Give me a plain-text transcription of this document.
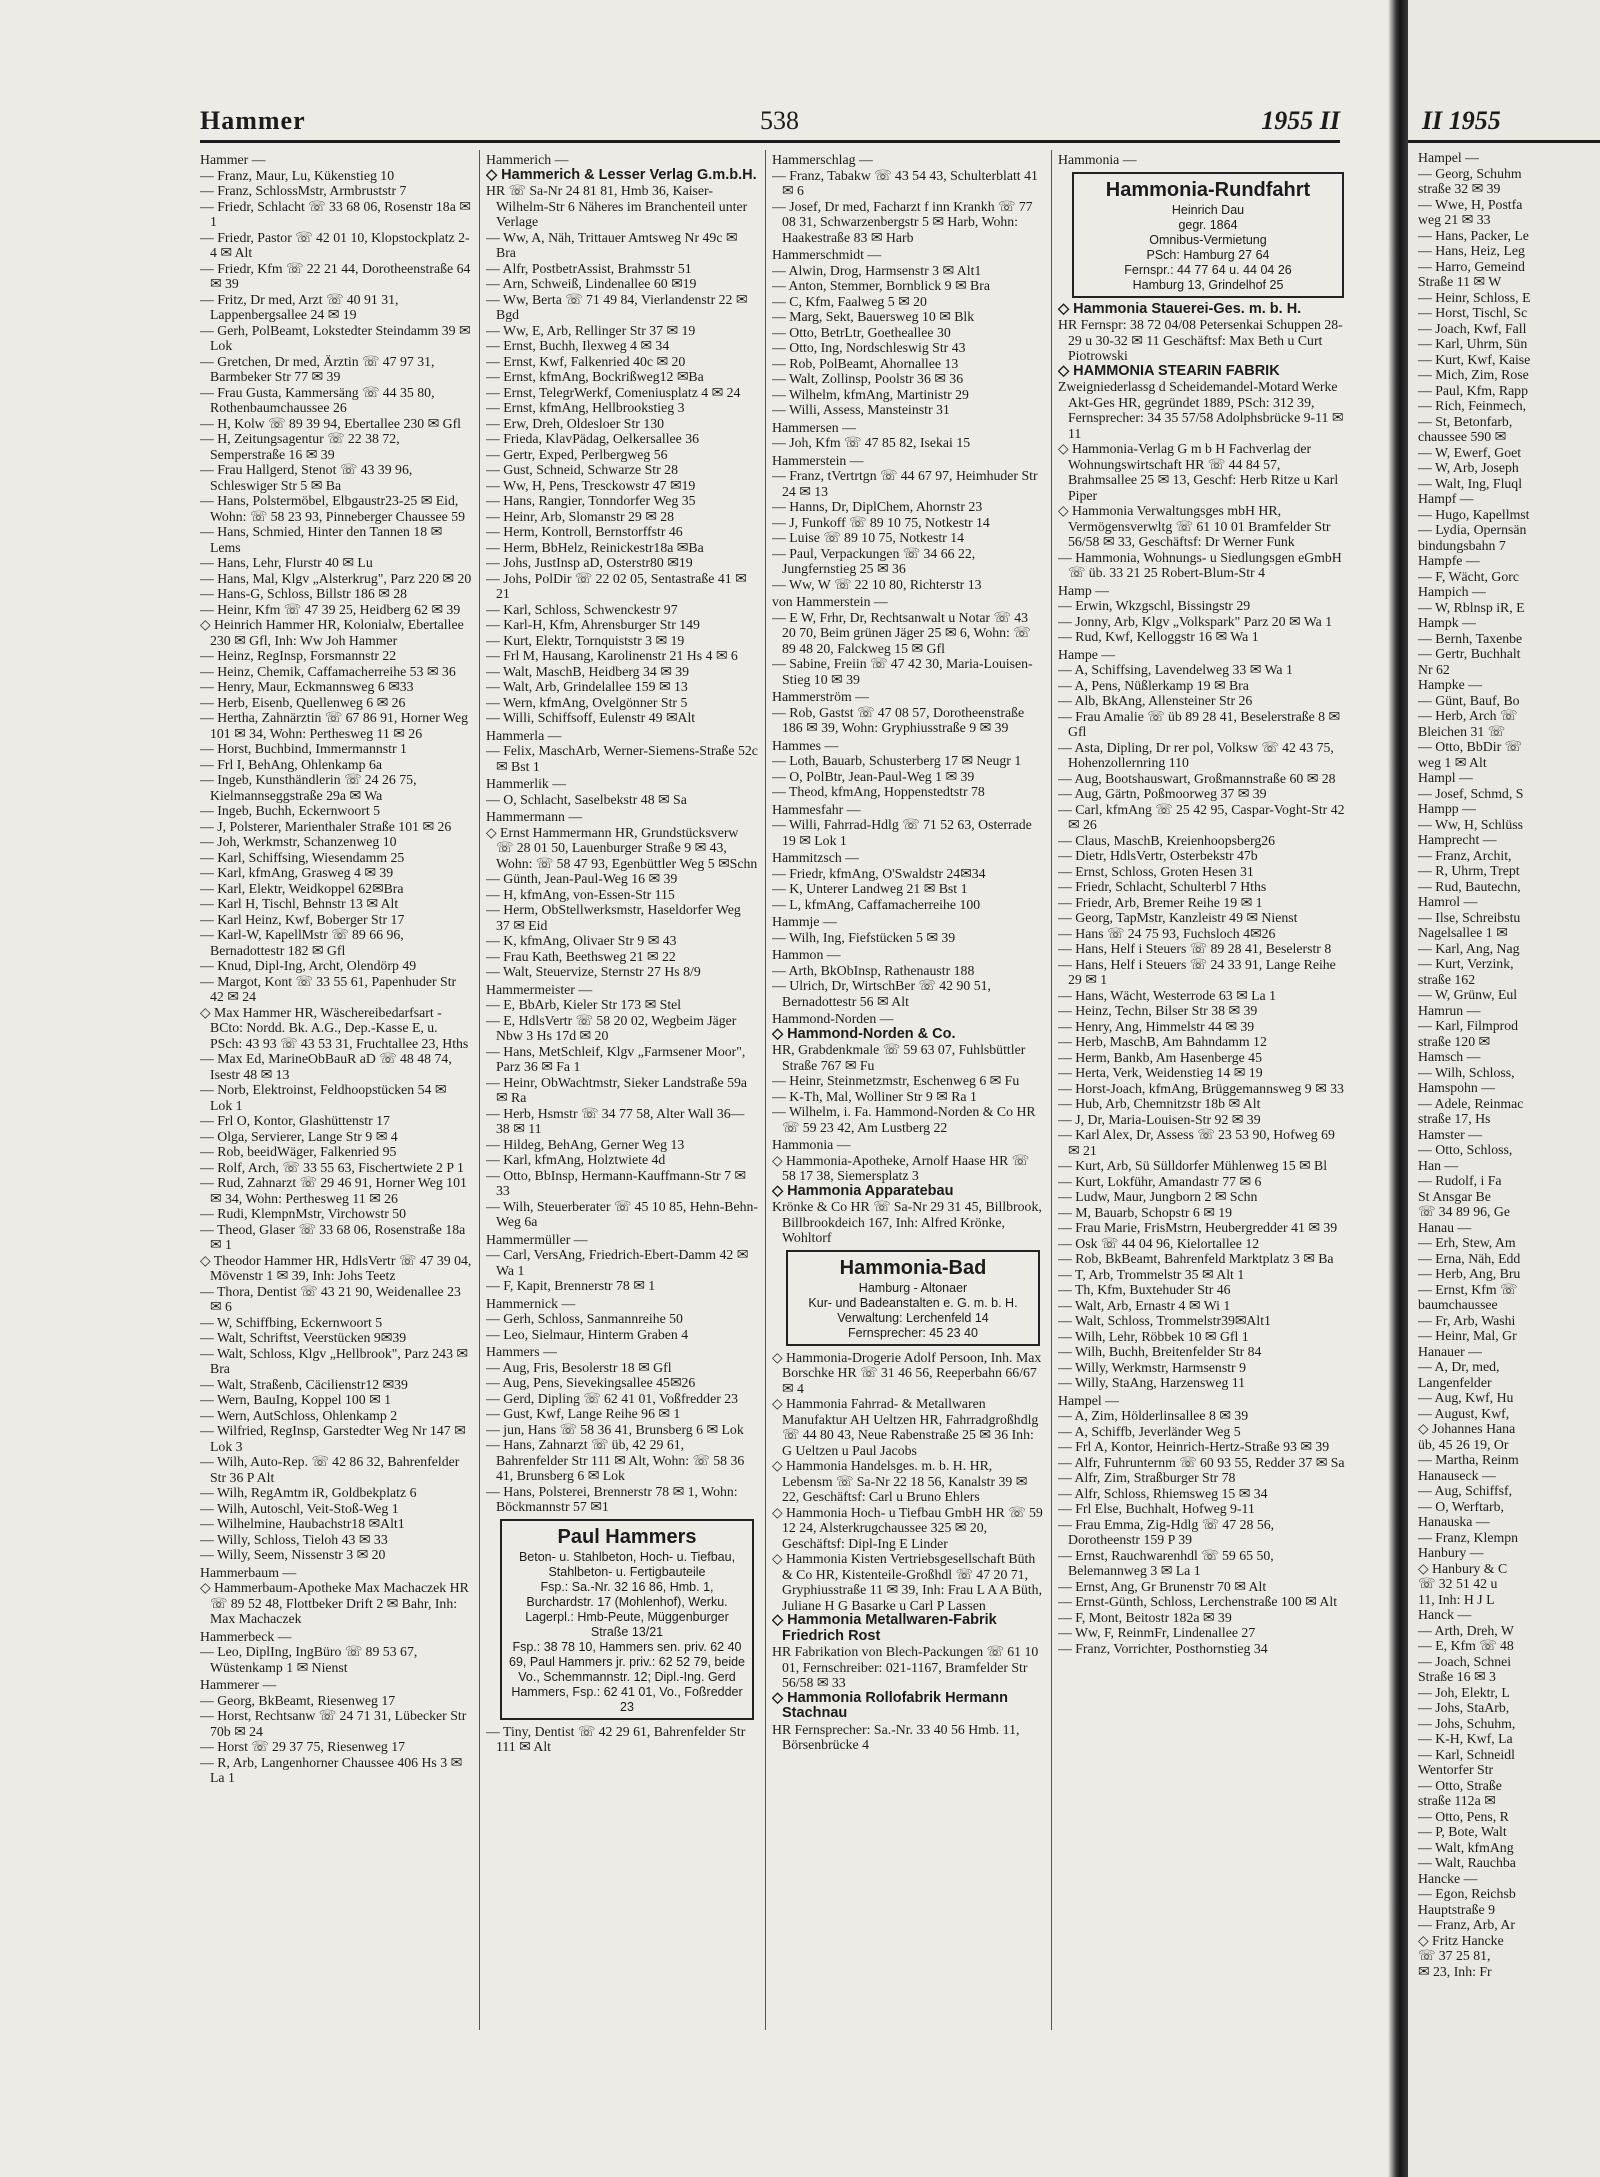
Hammer	538	1955 II

Hammer —

— Franz, Maur, Lu, Kükenstieg 10

— Franz, SchlossMstr, Armbruststr 7

— Friedr, Schlacht ☏ 33 68 06, Rosenstr 18a ✉ 1

— Friedr, Pastor ☏ 42 01 10, Klopstockplatz 2-4 ✉ Alt

— Friedr, Kfm ☏ 22 21 44, Dorotheenstraße 64 ✉ 39

— Fritz, Dr med, Arzt ☏ 40 91 31, Lappenbergsallee 24 ✉ 19

— Gerh, PolBeamt, Lokstedter Steindamm 39 ✉ Lok

— Gretchen, Dr med, Ärztin ☏ 47 97 31, Barmbeker Str 77 ✉ 39

— Frau Gusta, Kammersäng ☏ 44 35 80, Rothenbaumchaussee 26

— H, Kolw ☏ 89 39 94, Ebertallee 230 ✉ Gfl

— H, Zeitungsagentur ☏ 22 38 72, Semperstraße 16 ✉ 39

— Frau Hallgerd, Stenot ☏ 43 39 96, Schleswiger Str 5 ✉ Ba

— Hans, Polstermöbel, Elbgaustr23-25 ✉ Eid, Wohn: ☏ 58 23 93, Pinneberger Chaussee 59

— Hans, Schmied, Hinter den Tannen 18 ✉ Lems

— Hans, Lehr, Flurstr 40 ✉ Lu

— Hans, Mal, Klgv „Alsterkrug", Parz 220 ✉ 20

— Hans-G, Schloss, Billstr 186 ✉ 28

— Heinr, Kfm ☏ 47 39 25, Heidberg 62 ✉ 39

◇ Heinrich Hammer HR, Kolonialw, Ebertallee 230 ✉ Gfl, Inh: Ww Joh Hammer

— Heinz, RegInsp, Forsmannstr 22

— Heinz, Chemik, Caffamacherreihe 53 ✉ 36

— Henry, Maur, Eckmannsweg 6 ✉33

— Herb, Eisenb, Quellenweg 6 ✉ 26

— Hertha, Zahnärztin ☏ 67 86 91, Horner Weg 101 ✉ 34, Wohn: Perthesweg 11 ✉ 26

— Horst, Buchbind, Immermannstr 1

— Frl I, BehAng, Ohlenkamp 6a

— Ingeb, Kunsthändlerin ☏ 24 26 75, Kielmannseggstraße 29a ✉ Wa

— Ingeb, Buchh, Eckernwoort 5

— J, Polsterer, Marienthaler Straße 101 ✉ 26

— Joh, Werkmstr, Schanzenweg 10

— Karl, Schiffsing, Wiesendamm 25

— Karl, kfmAng, Grasweg 4 ✉ 39

— Karl, Elektr, Weidkoppel 62✉Bra

— Karl H, Tischl, Behnstr 13 ✉ Alt

— Karl Heinz, Kwf, Boberger Str 17

— Karl-W, KapellMstr ☏ 89 66 96, Bernadottestr 182 ✉ Gfl

— Knud, Dipl-Ing, Archt, Olendörp 49

— Margot, Kont ☏ 33 55 61, Papenhuder Str 42 ✉ 24

◇ Max Hammer HR, Wäschereibedarfsart - BCto: Nordd. Bk. A.G., Dep.-Kasse E, u. PSch: 43 93 ☏ 43 53 31, Fruchtallee 23, Hths

— Max Ed, MarineObBauR aD ☏ 48 48 74, Isestr 48 ✉ 13

— Norb, Elektroinst, Feldhoopstücken 54 ✉ Lok 1

— Frl O, Kontor, Glashüttenstr 17

— Olga, Servierer, Lange Str 9 ✉ 4

— Rob, beeidWäger, Falkenried 95

— Rolf, Arch, ☏ 33 55 63, Fischertwiete 2 P 1

— Rud, Zahnarzt ☏ 29 46 91, Horner Weg 101 ✉ 34, Wohn: Perthesweg 11 ✉ 26

— Rudi, KlempnMstr, Virchowstr 50

— Theod, Glaser ☏ 33 68 06, Rosenstraße 18a ✉ 1

◇ Theodor Hammer HR, HdlsVertr ☏ 47 39 04, Mövenstr 1 ✉ 39, Inh: Johs Teetz

— Thora, Dentist ☏ 43 21 90, Weidenallee 23 ✉ 6

— W, Schiffbing, Eckernwoort 5

— Walt, Schriftst, Veerstücken 9✉39

— Walt, Schloss, Klgv „Hellbrook", Parz 243 ✉ Bra

— Walt, Straßenb, Cäcilienstr12 ✉39

— Wern, BauIng, Koppel 100 ✉ 1

— Wern, AutSchloss, Ohlenkamp 2

— Wilfried, RegInsp, Garstedter Weg Nr 147 ✉ Lok 3

— Wilh, Auto-Rep. ☏ 42 86 32, Bahrenfelder Str 36 P Alt

— Wilh, RegAmtm iR, Goldbekplatz 6

— Wilh, Autoschl, Veit-Stoß-Weg 1

— Wilhelmine, Haubachstr18 ✉Alt1

— Willy, Schloss, Tieloh 43 ✉ 33

— Willy, Seem, Nissenstr 3 ✉ 20

Hammerbaum —

◇ Hammerbaum-Apotheke Max Machaczek HR ☏ 89 52 48, Flottbeker Drift 2 ✉ Bahr, Inh: Max Machaczek

Hammerbeck —

— Leo, DiplIng, IngBüro ☏ 89 53 67, Wüstenkamp 1 ✉ Nienst

Hammerer —

— Georg, BkBeamt, Riesenweg 17

— Horst, Rechtsanw ☏ 24 71 31, Lübecker Str 70b ✉ 24

— Horst ☏ 29 37 75, Riesenweg 17

— R, Arb, Langenhorner Chaussee 406 Hs 3 ✉ La 1

Hammerich —

◇ Hammerich & Lesser Verlag G.m.b.H.

HR ☏ Sa-Nr 24 81 81, Hmb 36, Kaiser-Wilhelm-Str 6 Näheres im Branchenteil unter Verlage

— Ww, A, Näh, Trittauer Amtsweg Nr 49c ✉ Bra

— Alfr, PostbetrAssist, Brahmsstr 51

— Arn, Schweiß, Lindenallee 60 ✉19

— Ww, Berta ☏ 71 49 84, Vierlandenstr 22 ✉ Bgd

— Ww, E, Arb, Rellinger Str 37 ✉ 19

— Ernst, Buchh, Ilexweg 4 ✉ 34

— Ernst, Kwf, Falkenried 40c ✉ 20

— Ernst, kfmAng, Bockrißweg12 ✉Ba

— Ernst, TelegrWerkf, Comeniusplatz 4 ✉ 24

— Ernst, kfmAng, Hellbrookstieg 3

— Erw, Dreh, Oldesloer Str 130

— Frieda, KlavPädag, Oelkersallee 36

— Gertr, Exped, Perlbergweg 56

— Gust, Schneid, Schwarze Str 28

— Ww, H, Pens, Tresckowstr 47 ✉19

— Hans, Rangier, Tonndorfer Weg 35

— Heinr, Arb, Slomanstr 29 ✉ 28

— Herm, Kontroll, Bernstorffstr 46

— Herm, BbHelz, Reinickestr18a ✉Ba

— Johs, JustInsp aD, Osterstr80 ✉19

— Johs, PolDir ☏ 22 02 05, Sentastraße 41 ✉ 21

— Karl, Schloss, Schwenckestr 97

— Karl-H, Kfm, Ahrensburger Str 149

— Kurt, Elektr, Tornquiststr 3 ✉ 19

— Frl M, Hausang, Karolinenstr 21 Hs 4 ✉ 6

— Walt, MaschB, Heidberg 34 ✉ 39

— Walt, Arb, Grindelallee 159 ✉ 13

— Wern, kfmAng, Ovelgönner Str 5

— Willi, Schiffsoff, Eulenstr 49 ✉Alt

Hammerla —

— Felix, MaschArb, Werner-Siemens-Straße 52c ✉ Bst 1

Hammerlik —

— O, Schlacht, Saselbekstr 48 ✉ Sa

Hammermann —

◇ Ernst Hammermann HR, Grundstücksverw ☏ 28 01 50, Lauenburger Straße 9 ✉ 43, Wohn: ☏ 58 47 93, Egenbüttler Weg 5 ✉Schn

— Günth, Jean-Paul-Weg 16 ✉ 39

— H, kfmAng, von-Essen-Str 115

— Herm, ObStellwerksmstr, Haseldorfer Weg 37 ✉ Eid

— K, kfmAng, Olivaer Str 9 ✉ 43

— Frau Kath, Beethsweg 21 ✉ 22

— Walt, Steuervize, Sternstr 27 Hs 8/9

Hammermeister —

— E, BbArb, Kieler Str 173 ✉ Stel

— E, HdlsVertr ☏ 58 20 02, Wegbeim Jäger Nbw 3 Hs 17d ✉ 20

— Hans, MetSchleif, Klgv „Farmsener Moor", Parz 36 ✉ Fa 1

— Heinr, ObWachtmstr, Sieker Landstraße 59a ✉ Ra

— Herb, Hsmstr ☏ 34 77 58, Alter Wall 36—38 ✉ 11

— Hildeg, BehAng, Gerner Weg 13

— Karl, kfmAng, Holztwiete 4d

— Otto, BbInsp, Hermann-Kauffmann-Str 7 ✉ 33

— Wilh, Steuerberater ☏ 45 10 85, Hehn-Behn-Weg 6a

Hammermüller —

— Carl, VersAng, Friedrich-Ebert-Damm 42 ✉ Wa 1

— F, Kapit, Brennerstr 78 ✉ 1

Hammernick —

— Gerh, Schloss, Sanmannreihe 50

— Leo, Sielmaur, Hinterm Graben 4

Hammers —

— Aug, Fris, Besolerstr 18 ✉ Gfl

— Aug, Pens, Sievekingsallee 45✉26

— Gerd, Dipling ☏ 62 41 01, Voßfredder 23

— Gust, Kwf, Lange Reihe 96 ✉ 1

— jun, Hans ☏ 58 36 41, Brunsberg 6 ✉ Lok

— Hans, Zahnarzt ☏ üb, 42 29 61, Bahrenfelder Str 111 ✉ Alt, Wohn: ☏ 58 36 41, Brunsberg 6 ✉ Lok

— Hans, Polsterei, Brennerstr 78 ✉ 1, Wohn: Böckmannstr 57 ✉1

Paul Hammers
Beton- u. Stahlbeton, Hoch- u. Tiefbau, Stahlbeton- u. Fertigbauteile
Fsp.: Sa.-Nr. 32 16 86, Hmb. 1, Burchardstr. 17 (Mohlenhof), Werku. Lagerpl.: Hmb-Peute, Müggenburger Straße 13/21
Fsp.: 38 78 10, Hammers sen. priv. 62 40 69, Paul Hammers jr. priv.: 62 52 79, beide Vo., Schemmannstr. 12; Dipl.-Ing. Gerd Hammers, Fsp.: 62 41 01, Vo., Foßredder 23

— Tiny, Dentist ☏ 42 29 61, Bahrenfelder Str 111 ✉ Alt

Hammerschlag —

— Franz, Tabakw ☏ 43 54 43, Schulterblatt 41 ✉ 6

— Josef, Dr med, Facharzt f inn Krankh ☏ 77 08 31, Schwarzenbergstr 5 ✉ Harb, Wohn: Haakestraße 83 ✉ Harb

Hammerschmidt —

— Alwin, Drog, Harmsenstr 3 ✉ Alt1

— Anton, Stemmer, Bornblick 9 ✉ Bra

— C, Kfm, Faalweg 5 ✉ 20

— Marg, Sekt, Bauersweg 10 ✉ Blk

— Otto, BetrLtr, Goetheallee 30

— Otto, Ing, Nordschleswig Str 43

— Rob, PolBeamt, Ahornallee 13

— Walt, Zollinsp, Poolstr 36 ✉ 36

— Wilhelm, kfmAng, Martinistr 29

— Willi, Assess, Mansteinstr 31

Hammersen —

— Joh, Kfm ☏ 47 85 82, Isekai 15

Hammerstein —

— Franz, tVertrtgn ☏ 44 67 97, Heimhuder Str 24 ✉ 13

— Hanns, Dr, DiplChem, Ahornstr 23

— J, Funkoff ☏ 89 10 75, Notkestr 14

— Luise ☏ 89 10 75, Notkestr 14

— Paul, Verpackungen ☏ 34 66 22, Jungfernstieg 25 ✉ 36

— Ww, W ☏ 22 10 80, Richterstr 13

von Hammerstein —

— E W, Frhr, Dr, Rechtsanwalt u Notar ☏ 43 20 70, Beim grünen Jäger 25 ✉ 6, Wohn: ☏ 89 48 20, Falckweg 15 ✉ Gfl

— Sabine, Freiin ☏ 47 42 30, Maria-Louisen-Stieg 10 ✉ 39

Hammerström —

— Rob, Gastst ☏ 47 08 57, Dorotheenstraße 186 ✉ 39, Wohn: Gryphiusstraße 9 ✉ 39

Hammes —

— Loth, Bauarb, Schusterberg 17 ✉ Neugr 1

— O, PolBtr, Jean-Paul-Weg 1 ✉ 39

— Theod, kfmAng, Hoppenstedtstr 78

Hammesfahr —

— Willi, Fahrrad-Hdlg ☏ 71 52 63, Osterrade 19 ✉ Lok 1

Hammitzsch —

— Friedr, kfmAng, O'Swaldstr 24✉34

— K, Unterer Landweg 21 ✉ Bst 1

— L, kfmAng, Caffamacherreihe 100

Hammje —

— Wilh, Ing, Fiefstücken 5 ✉ 39

Hammon —

— Arth, BkObInsp, Rathenaustr 188

— Ulrich, Dr, WirtschBer ☏ 42 90 51, Bernadottestr 56 ✉ Alt

Hammond-Norden —

◇ Hammond-Norden & Co.

HR, Grabdenkmale ☏ 59 63 07, Fuhlsbüttler Straße 767 ✉ Fu

— Heinr, Steinmetzmstr, Eschenweg 6 ✉ Fu

— K-Th, Mal, Wolliner Str 9 ✉ Ra 1

— Wilhelm, i. Fa. Hammond-Norden & Co HR ☏ 59 23 42, Am Lustberg 22

Hammonia —

◇ Hammonia-Apotheke, Arnolf Haase HR ☏ 58 17 38, Siemersplatz 3

◇ Hammonia Apparatebau

Krönke & Co HR ☏ Sa-Nr 29 31 45, Billbrook, Billbrookdeich 167, Inh: Alfred Krönke, Wohltorf

Hammonia-Bad
Hamburg - Altonaer
Kur- und Badeanstalten e. G. m. b. H.
Verwaltung: Lerchenfeld 14
Fernsprecher: 45 23 40

◇ Hammonia-Drogerie Adolf Persoon, Inh. Max Borschke HR ☏ 31 46 56, Reeperbahn 66/67 ✉ 4

◇ Hammonia Fahrrad- & Metallwaren Manufaktur AH Ueltzen HR, Fahrradgroßhdlg ☏ 44 80 43, Neue Rabenstraße 25 ✉ 36 Inh: G Ueltzen u Paul Jacobs

◇ Hammonia Handelsges. m. b. H. HR, Lebensm ☏ Sa-Nr 22 18 56, Kanalstr 39 ✉ 22, Geschäftsf: Carl u Bruno Ehlers

◇ Hammonia Hoch- u Tiefbau GmbH HR ☏ 59 12 24, Alsterkrugchaussee 325 ✉ 20, Geschäftsf: Dipl-Ing E Linder

◇ Hammonia Kisten Vertriebsgesellschaft Büth & Co HR, Kistenteile-Großhdl ☏ 47 20 71, Gryphiusstraße 11 ✉ 39, Inh: Frau L A A Büth, Juliane H G Basarke u Carl P Lassen

◇ Hammonia Metallwaren-Fabrik Friedrich Rost

HR Fabrikation von Blech-Packungen ☏ 61 10 01, Fernschreiber: 021-1167, Bramfelder Str 56/58 ✉ 33

◇ Hammonia Rollofabrik Hermann Stachnau

HR Fernsprecher: Sa.-Nr. 33 40 56 Hmb. 11, Börsenbrücke 4

Hammonia —

Hammonia-Rundfahrt
Heinrich Dau
gegr. 1864
Omnibus-Vermietung
PSch: Hamburg 27 64
Fernspr.: 44 77 64 u. 44 04 26
Hamburg 13, Grindelhof 25

◇ Hammonia Stauerei-Ges. m. b. H.

HR Fernspr: 38 72 04/08 Petersenkai Schuppen 28-29 u 30-32 ✉ 11 Geschäftsf: Max Beth u Curt Piotrowski

◇ HAMMONIA STEARIN FABRIK

Zweigniederlassg d Scheidemandel-Motard Werke Akt-Ges HR, gegründet 1889, PSch: 312 39, Fernsprecher: 34 35 57/58 Adolphsbrücke 9-11 ✉ 11

◇ Hammonia-Verlag G m b H Fachverlag der Wohnungswirtschaft HR ☏ 44 84 57, Brahmsallee 25 ✉ 13, Geschf: Herb Ritze u Karl Piper

◇ Hammonia Verwaltungsges mbH HR, Vermögensverwltg ☏ 61 10 01 Bramfelder Str 56/58 ✉ 33, Geschäftsf: Dr Werner Funk

— Hammonia, Wohnungs- u Siedlungsgen eGmbH ☏ üb. 33 21 25 Robert-Blum-Str 4

Hamp —

— Erwin, Wkzgschl, Bissingstr 29

— Jonny, Arb, Klgv „Volkspark" Parz 20 ✉ Wa 1

— Rud, Kwf, Kelloggstr 16 ✉ Wa 1

Hampe —

— A, Schiffsing, Lavendelweg 33 ✉ Wa 1

— A, Pens, Nüßlerkamp 19 ✉ Bra

— Alb, BkAng, Allensteiner Str 26

— Frau Amalie ☏ üb 89 28 41, Beselerstraße 8 ✉ Gfl

— Asta, Dipling, Dr rer pol, Volksw ☏ 42 43 75, Hohenzollernring 110

— Aug, Bootshauswart, Großmannstraße 60 ✉ 28

— Aug, Gärtn, Poßmoorweg 37 ✉ 39

— Carl, kfmAng ☏ 25 42 95, Caspar-Voght-Str 42 ✉ 26

— Claus, MaschB, Kreienhoopsberg26

— Dietr, HdlsVertr, Osterbekstr 47b

— Ernst, Schloss, Groten Hesen 31

— Friedr, Schlacht, Schulterbl 7 Hths

— Friedr, Arb, Bremer Reihe 19 ✉ 1

— Georg, TapMstr, Kanzleistr 49 ✉ Nienst

— Hans ☏ 24 75 93, Fuchsloch 4✉26

— Hans, Helf i Steuers ☏ 89 28 41, Beselerstr 8

— Hans, Helf i Steuers ☏ 24 33 91, Lange Reihe 29 ✉ 1

— Hans, Wächt, Westerrode 63 ✉ La 1

— Heinz, Techn, Bilser Str 38 ✉ 39

— Henry, Ang, Himmelstr 44 ✉ 39

— Herb, MaschB, Am Bahndamm 12

— Herm, Bankb, Am Hasenberge 45

— Herta, Verk, Weidenstieg 14 ✉ 19

— Horst-Joach, kfmAng, Brüggemannsweg 9 ✉ 33

— Hub, Arb, Chemnitzstr 18b ✉ Alt

— J, Dr, Maria-Louisen-Str 92 ✉ 39

— Karl Alex, Dr, Assess ☏ 23 53 90, Hofweg 69 ✉ 21

— Kurt, Arb, Sü Sülldorfer Mühlenweg 15 ✉ Bl

— Kurt, Lokführ, Amandastr 77 ✉ 6

— Ludw, Maur, Jungborn 2 ✉ Schn

— M, Bauarb, Schopstr 6 ✉ 19

— Frau Marie, FrisMstrn, Heubergredder 41 ✉ 39

— Osk ☏ 44 04 96, Kielortallee 12

— Rob, BkBeamt, Bahrenfeld Marktplatz 3 ✉ Ba

— T, Arb, Trommelstr 35 ✉ Alt 1

— Th, Kfm, Buxtehuder Str 46

— Walt, Arb, Ernastr 4 ✉ Wi 1

— Walt, Schloss, Trommelstr39✉Alt1

— Wilh, Lehr, Röbbek 10 ✉ Gfl 1

— Wilh, Buchh, Breitenfelder Str 84

— Willy, Werkmstr, Harmsenstr 9

— Willy, StaAng, Harzensweg 11

Hampel —

— A, Zim, Hölderlinsallee 8 ✉ 39

— A, Schiffb, Jeverländer Weg 5

— Frl A, Kontor, Heinrich-Hertz-Straße 93 ✉ 39

— Alfr, Fuhrunternm ☏ 60 93 55, Redder 37 ✉ Sa

— Alfr, Zim, Straßburger Str 78

— Alfr, Schloss, Rhiemsweg 15 ✉ 34

— Frl Else, Buchhalt, Hofweg 9-11

— Frau Emma, Zig-Hdlg ☏ 47 28 56, Dorotheenstr 159 P 39

— Ernst, Rauchwarenhdl ☏ 59 65 50, Belemannweg 3 ✉ La 1

— Ernst, Ang, Gr Brunenstr 70 ✉ Alt

— Ernst-Günth, Schloss, Lerchenstraße 100 ✉ Alt

— F, Mont, Beitostr 182a ✉ 39

— Ww, F, ReinmFr, Lindenallee 27

— Franz, Vorrichter, Posthornstieg 34

II 1955
Hampel —
— Georg, Schuhm
straße 32 ✉ 39
— Wwe, H, Postfa
weg 21 ✉ 33
— Hans, Packer, Le
— Hans, Heiz, Leg
— Harro, Gemeind
Straße 11 ✉ W
— Heinr, Schloss, E
— Horst, Tischl, Sc
— Joach, Kwf, Fall
— Karl, Uhrm, Sün
— Kurt, Kwf, Kaise
— Mich, Zim, Rose
— Paul, Kfm, Rapp
— Rich, Feinmech,
— St, Betonfarb,
chaussee 590 ✉
— W, Ewerf, Goet
— W, Arb, Joseph
— Walt, Ing, Fluql
Hampf —
— Hugo, Kapellmst
— Lydia, Opernsän
bindungsbahn 7
Hampfe —
— F, Wächt, Gorc
Hampich —
— W, Rblnsp iR, E
Hampk —
— Bernh, Taxenbe
— Gertr, Buchhalt
Nr 62
Hampke —
— Günt, Bauf, Bo
— Herb, Arch ☏
Bleichen 31 ☏
— Otto, BbDir ☏
weg 1 ✉ Alt
Hampl —
— Josef, Schmd, S
Hampp —
— Ww, H, Schlüss
Hamprecht —
— Franz, Archit,
— R, Uhrm, Trept
— Rud, Bautechn,
Hamrol —
— Ilse, Schreibstu
Nagelsallee 1 ✉
— Karl, Ang, Nag
— Kurt, Verzink,
straße 162
— W, Grünw, Eul
Hamrun —
— Karl, Filmprod
straße 120 ✉
Hamsch —
— Wilh, Schloss,
Hamspohn —
— Adele, Reinmac
straße 17, Hs
Hamster —
— Otto, Schloss,
Han —
— Rudolf, i Fa
St Ansgar Be
☏ 34 89 96, Ge
Hanau —
— Erh, Stew, Am
— Erna, Näh, Edd
— Herb, Ang, Bru
— Ernst, Kfm ☏
baumchaussee
— Fr, Arb, Washi
— Heinr, Mal, Gr
Hanauer —
— A, Dr, med,
Langenfelder
— Aug, Kwf, Hu
— August, Kwf,
◇ Johannes Hana
üb, 45 26 19, Or
— Martha, Reinm
Hanauseck —
— Aug, Schiffsf,
— O, Werftarb,
Hanauska —
— Franz, Klempn
Hanbury —
◇ Hanbury & C
☏ 32 51 42 u
11, Inh: H J L
Hanck —
— Arth, Dreh, W
— E, Kfm ☏ 48
— Joach, Schnei
Straße 16 ✉ 3
— Joh, Elektr, L
— Johs, StaArb,
— Johs, Schuhm,
— K-H, Kwf, La
— Karl, Schneidl
Wentorfer Str
— Otto, Straße
straße 112a ✉
— Otto, Pens, R
— P, Bote, Walt
— Walt, kfmAng
— Walt, Rauchba
Hancke —
— Egon, Reichsb
Hauptstraße 9
— Franz, Arb, Ar
◇ Fritz Hancke
☏ 37 25 81,
✉ 23, Inh: Fr
